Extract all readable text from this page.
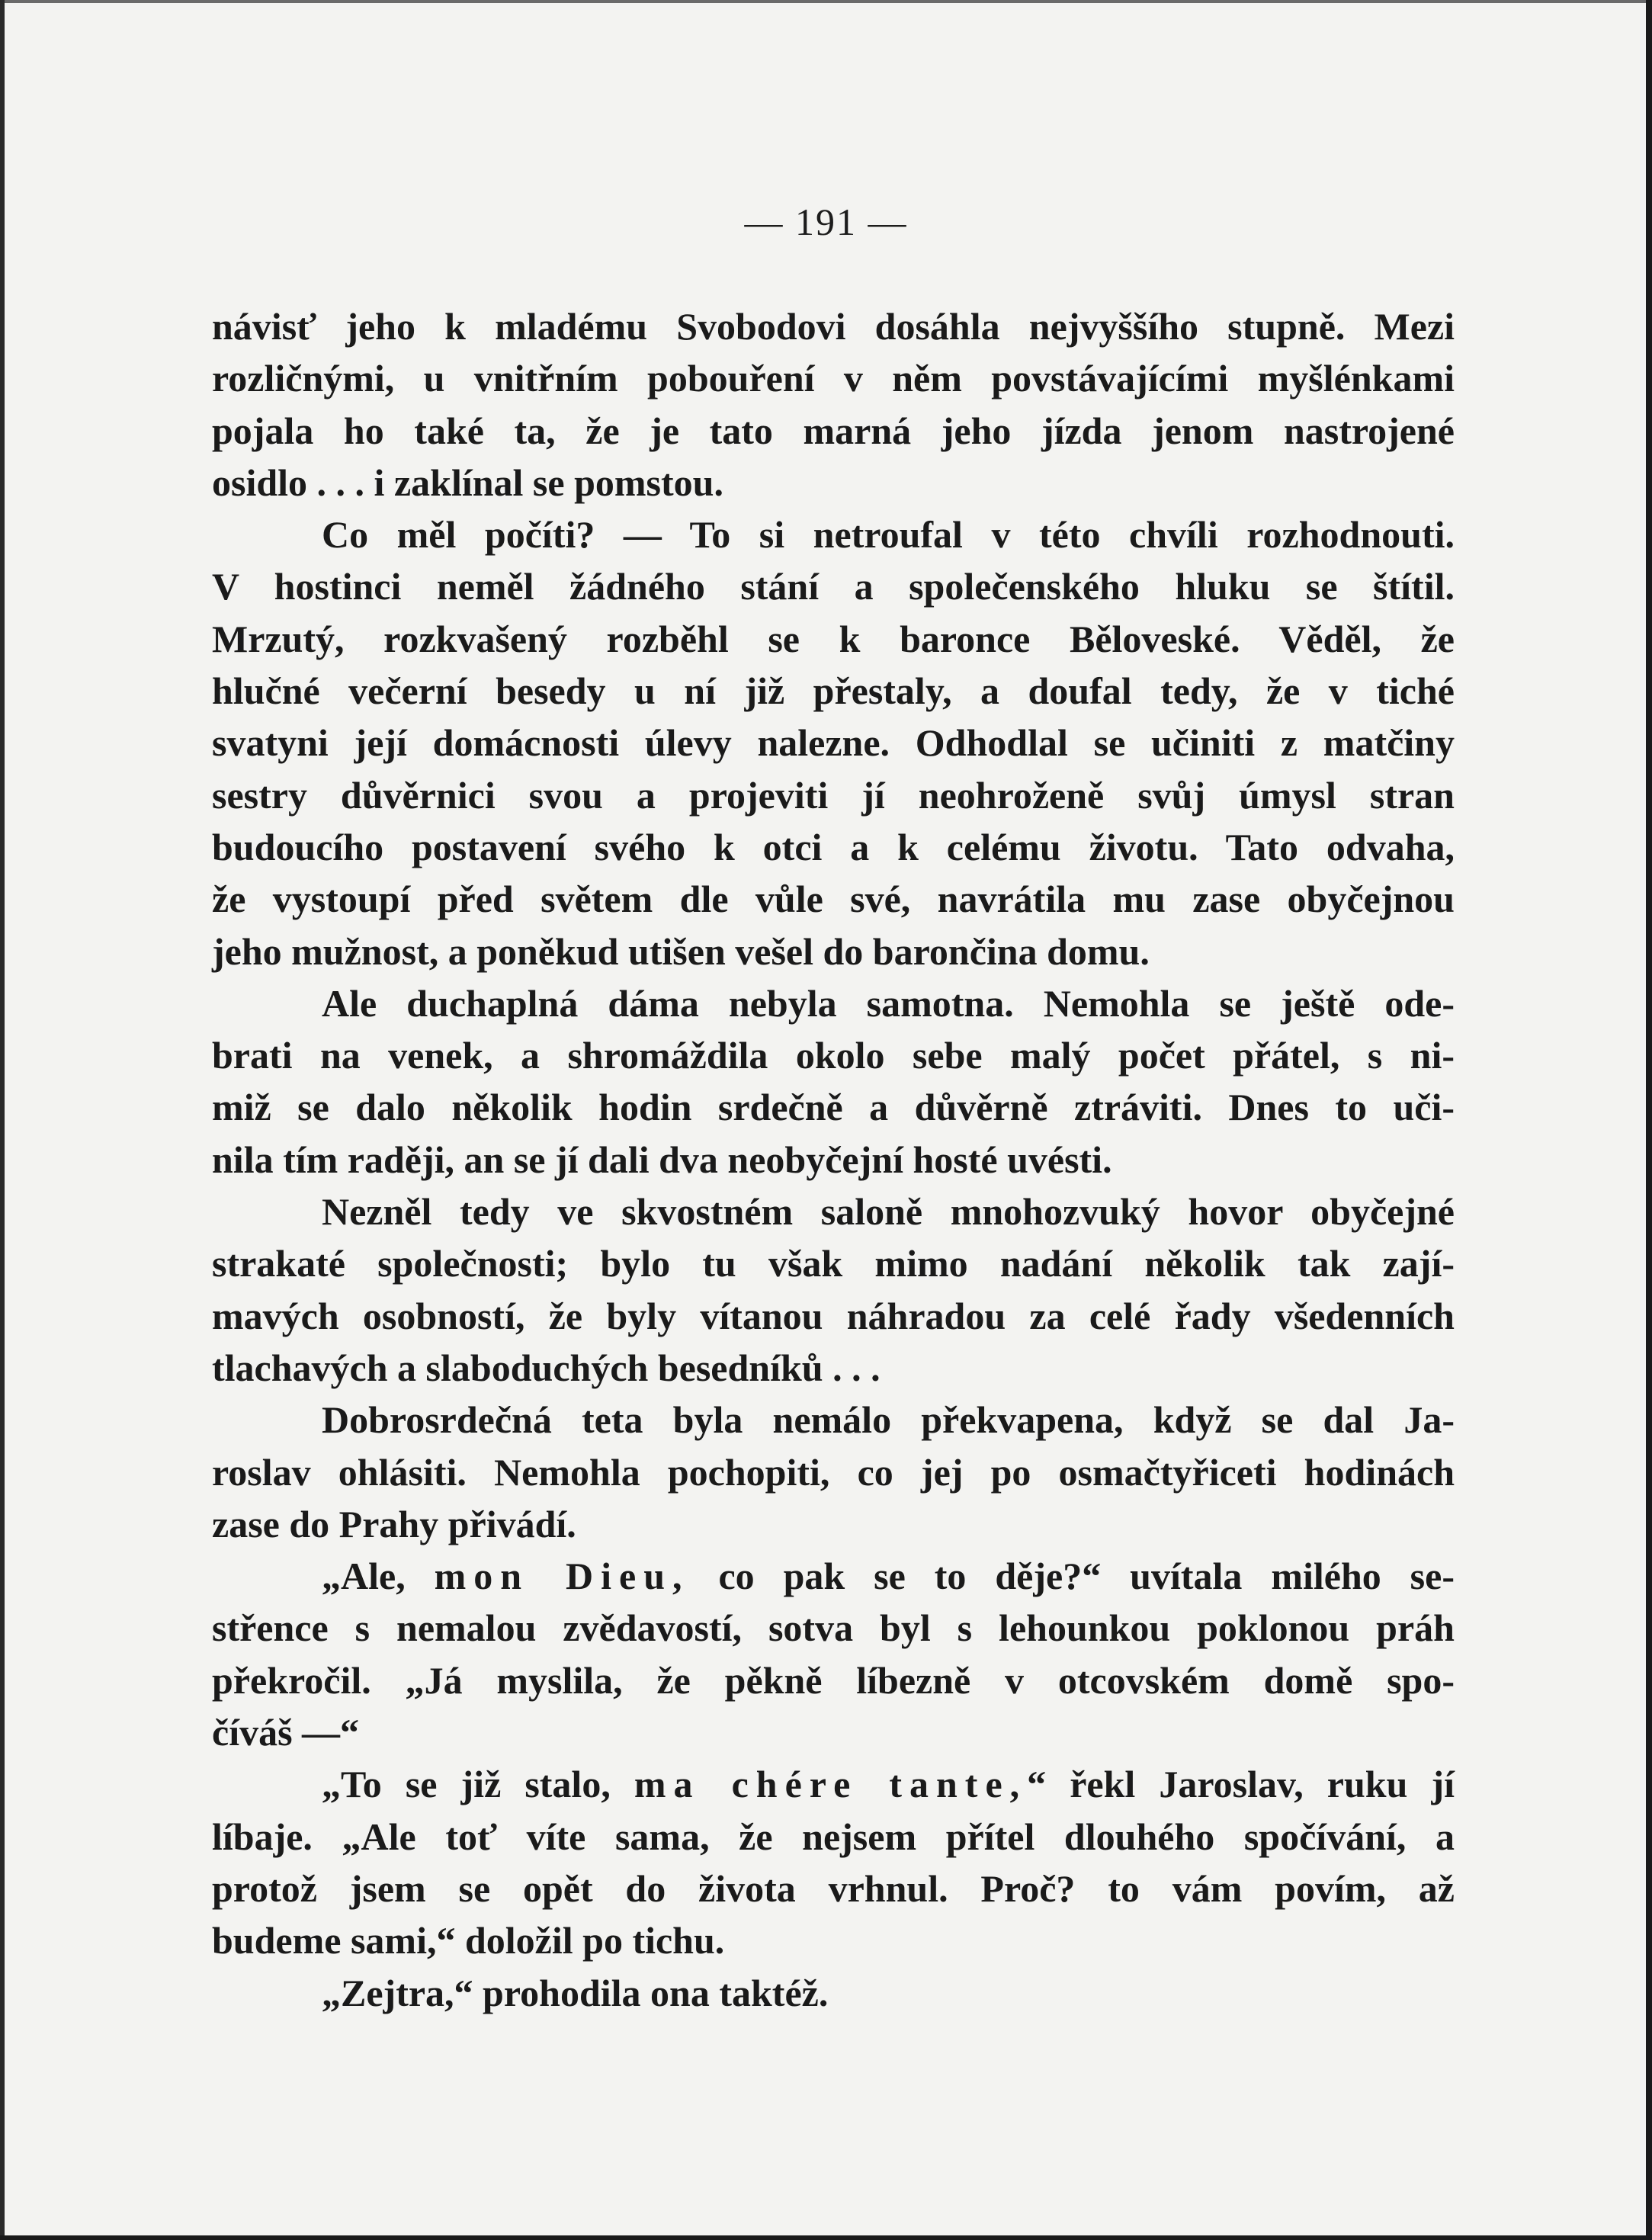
— 191 —
návisť jeho k mladému Svobodovi dosáhla nejvyššího stupně. Mezi
rozličnými, u vnitřním pobouření v něm povstávajícími myšlénkami
pojala ho také ta, že je tato marná jeho jízda jenom nastrojené
osidlo . . . i zaklínal se pomstou.
Co měl počíti? — To si netroufal v této chvíli rozhodnouti.
V hostinci neměl žádného stání a společenského hluku se štítil.
Mrzutý, rozkvašený rozběhl se k baronce Běloveské. Věděl, že
hlučné večerní besedy u ní již přestaly, a doufal tedy, že v tiché
svatyni její domácnosti úlevy nalezne. Odhodlal se učiniti z matčiny
sestry důvěrnici svou a projeviti jí neohroženě svůj úmysl stran
budoucího postavení svého k otci a k celému životu. Tato odvaha,
že vystoupí před světem dle vůle své, navrátila mu zase obyčejnou
jeho mužnost, a poněkud utišen vešel do barončina domu.
Ale duchaplná dáma nebyla samotna. Nemohla se ještě ode-
brati na venek, a shromáždila okolo sebe malý počet přátel, s ni-
miž se dalo několik hodin srdečně a důvěrně ztráviti. Dnes to uči-
nila tím raději, an se jí dali dva neobyčejní hosté uvésti.
Nezněl tedy ve skvostném saloně mnohozvuký hovor obyčejné
strakaté společnosti; bylo tu však mimo nadání několik tak zají-
mavých osobností, že byly vítanou náhradou za celé řady všedenních
tlachavých a slaboduchých besedníků . . .
Dobrosrdečná teta byla nemálo překvapena, když se dal Ja-
roslav ohlásiti. Nemohla pochopiti, co jej po osmačtyřiceti hodinách
zase do Prahy přivádí.
„Ale, mon Dieu, co pak se to děje?“ uvítala milého se-
střence s nemalou zvědavostí, sotva byl s lehounkou poklonou práh
překročil. „Já myslila, že pěkně líbezně v otcovském domě spo-
číváš —“
„To se již stalo, ma chére tante,“ řekl Jaroslav, ruku jí
líbaje. „Ale toť víte sama, že nejsem přítel dlouhého spočívání, a
protož jsem se opět do života vrhnul. Proč? to vám povím, až
budeme sami,“ doložil po tichu.
„Zejtra,“ prohodila ona taktéž.
